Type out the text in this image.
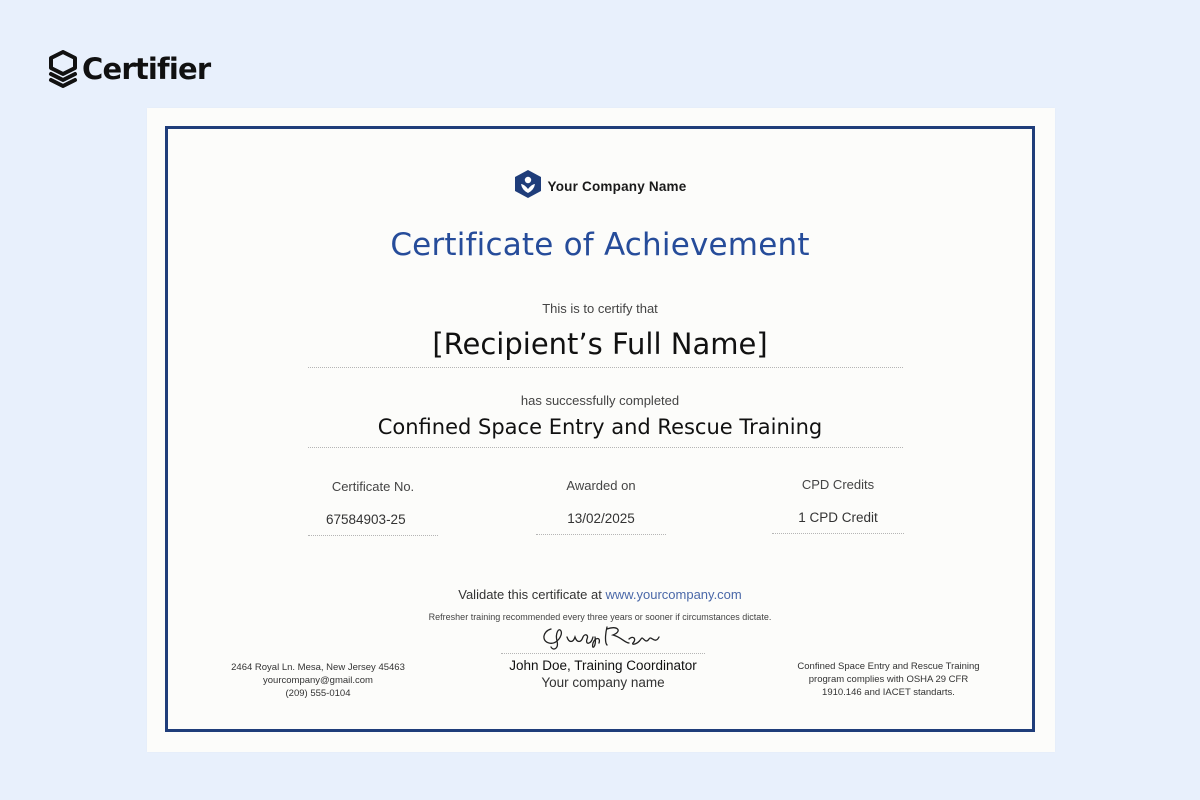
Certifier
Your Company Name
Certificate of Achievement
This is to certify that
[Recipient’s Full Name]
has successfully completed
Confined Space Entry and Rescue Training
Certificate No.
67584903-25
Awarded on
13/02/2025
CPD Credits
1 CPD Credit
Validate this certificate at www.yourcompany.com
Refresher training recommended every three years or sooner if circumstances dictate.
2464 Royal Ln. Mesa, New Jersey 45463
yourcompany@gmail.com
(209) 555-0104
John Doe, Training Coordinator
Your company name
Confined Space Entry and Rescue Training
program complies with OSHA 29 CFR
1910.146 and IACET standarts.
